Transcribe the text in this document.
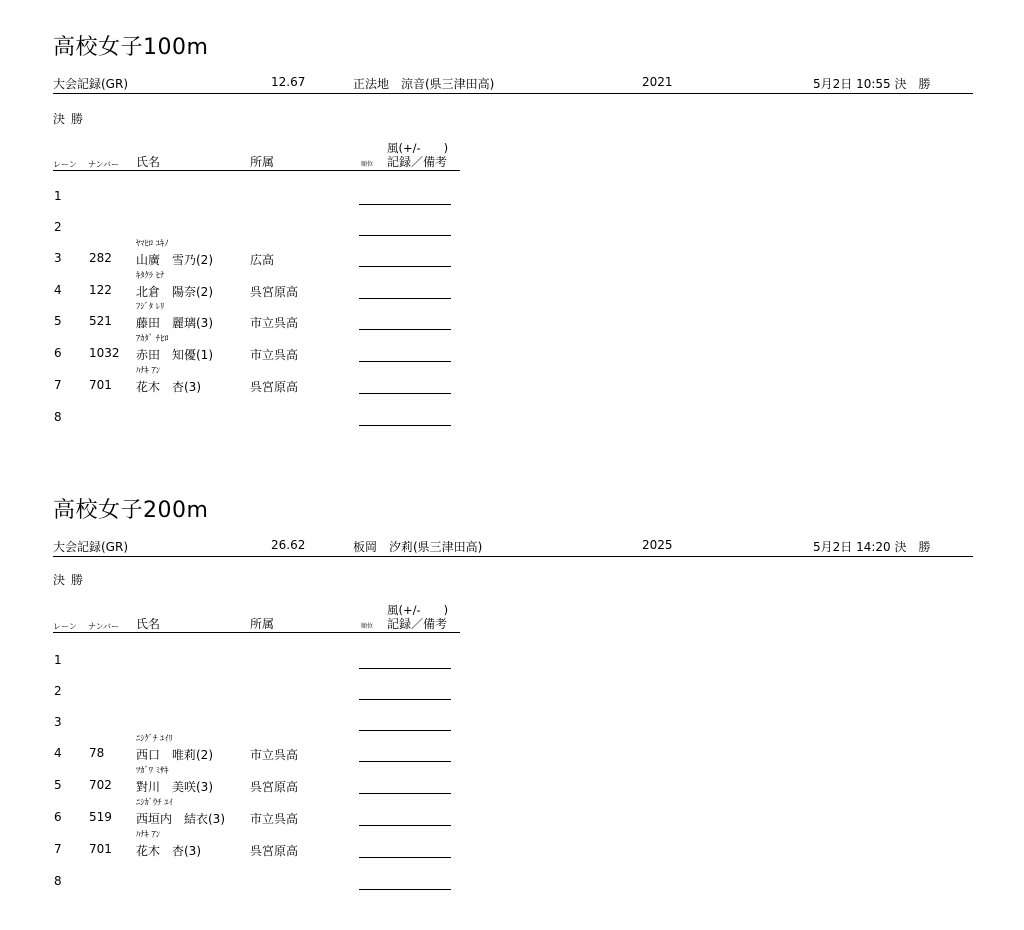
高校女子100m
大会記録(GR)	12.67	正法地　涼音(県三津田高)	2021	5月2日 10:55 決　勝
決勝
風(+/-　　)
レーン ナンバー 氏名	所属	順位 記録／備考
1
2
3 282
ﾔﾏﾋﾛ ﾕｷﾉ
山廣　雪乃(2)	広高
4 122
ｷﾀｸﾗ ﾋﾅ
北倉　陽奈(2)	呉宮原高
5 521
ﾌｼﾞﾀ ﾚﾘ
藤田　麗璃(3)	市立呉高
6 1032
ｱｶﾀﾞ ﾁﾋﾛ
赤田　知優(1)	市立呉高
7 701
ﾊﾅｷ ｱﾝ
花木　杏(3)	呉宮原高
8
高校女子200m
大会記録(GR)	26.62	板岡　汐莉(県三津田高)	2025	5月2日 14:20 決　勝
決勝
風(+/-　　)
レーン ナンバー 氏名	所属	順位 記録／備考
1
2
3
4 78
ﾆｼｸﾞﾁ ﾕｲﾘ
西口　唯莉(2)	市立呉高
5 702
ﾂｶﾞﾜ ﾐｻｷ
對川　美咲(3)	呉宮原高
6 519
ﾆｼｶﾞｳﾁ ﾕｲ
西垣内　結衣(3) 市立呉高
7 701
ﾊﾅｷ ｱﾝ
花木　杏(3)	呉宮原高
8
